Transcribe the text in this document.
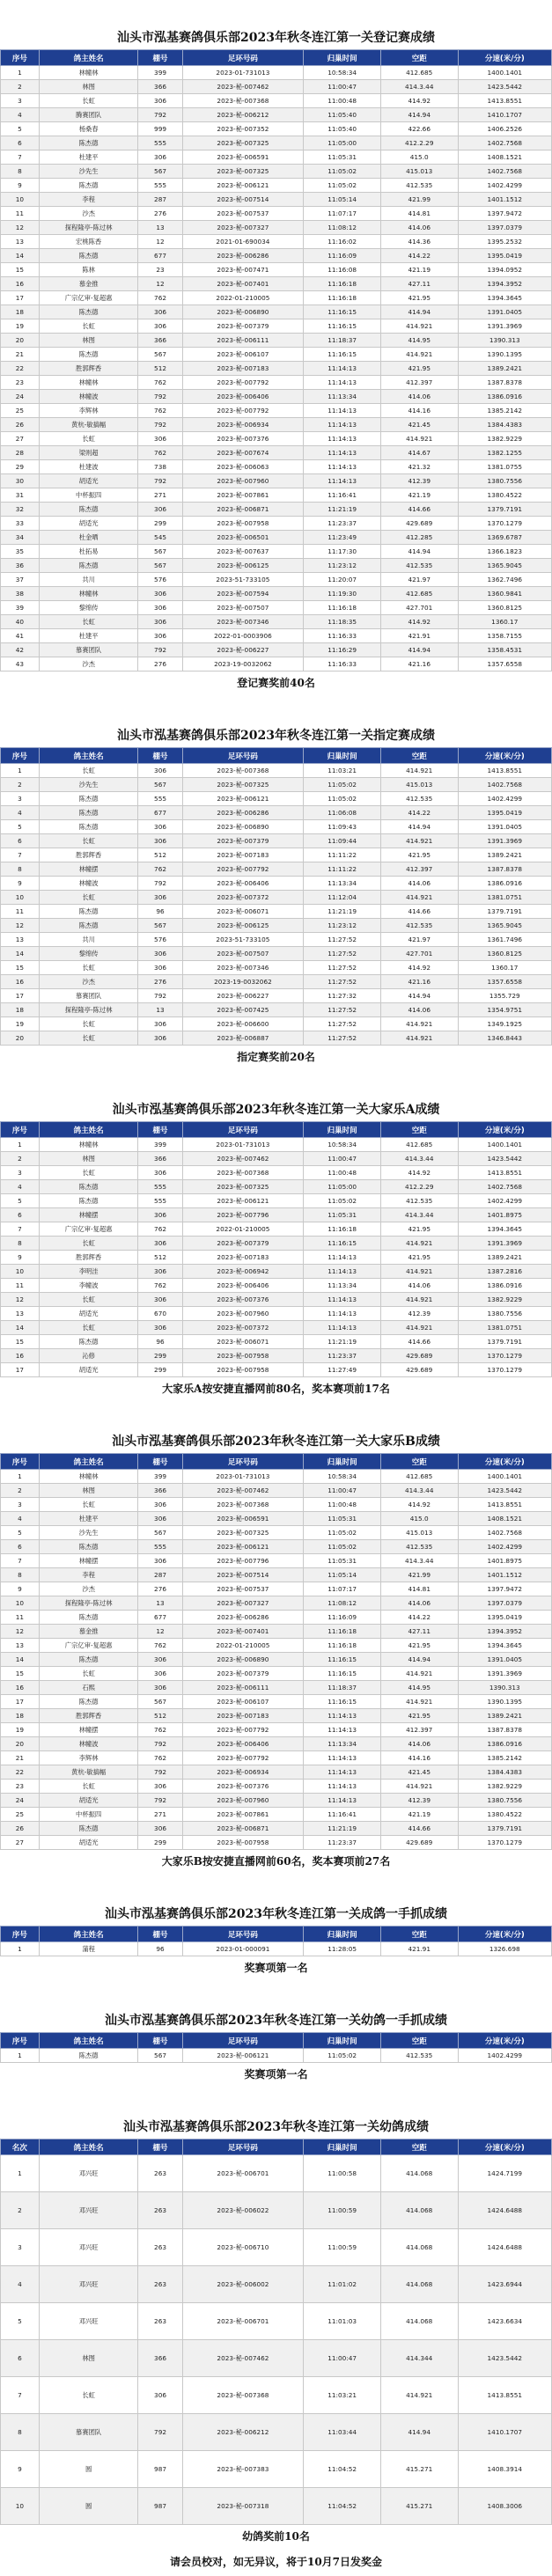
汕头市泓基赛鸽俱乐部2023年秋冬连江第一关登记赛成绩
序号	鸽主姓名	棚号	足环号码	归巢时间	空距	分速(米/分)
1	林幢林	399	2023-01-731013	10:58:34	412.685	1400.1401
2	林图	366	2023-秘-007462	11:00:47	414.3.44	1423.5442
3	长虹	306	2023-秘-007368	11:00:48	414.92	1413.8551
4	腾赛团队	792	2023-秘-006212	11:05:40	414.94	1410.1707
5	杨桑春	999	2023-秘-007352	11:05:40	422.66	1406.2526
6	陈杰德	555	2023-秘-007325	11:05:00	412.2.29	1402.7568
7	杜建平	306	2023-秘-006591	11:05:31	415.0	1408.1521
8	沙先生	567	2023-秘-007325	11:05:02	415.013	1402.7568
9	陈杰德	555	2023-秘-006121	11:05:02	412.535	1402.4299
10	李程	287	2023-秘-007514	11:05:14	421.99	1401.1512
11	沙杰	276	2023-秘-007537	11:07:17	414.81	1397.9472
12	探程隆亭-陈过林	13	2023-秘-007327	11:08:12	414.06	1397.0379
13	宏桃陈香	12	2021-01-690034	11:16:02	414.36	1395.2532
14	陈杰德	677	2023-秘-006286	11:16:09	414.22	1395.0419
15	陈林	23	2023-秘-007471	11:16:08	421.19	1394.0952
16	慕金推	12	2023-秘-007401	11:16:18	427.11	1394.3952
17	广宗亿审-复超惠	762	2022-01-210005	11:16:18	421.95	1394.3645
18	陈杰德	306	2023-秘-006890	11:16:15	414.94	1391.0405
19	长虹	306	2023-秘-007379	11:16:15	414.921	1391.3969
20	林图	366	2023-秘-006111	11:18:37	414.95	1390.313
21	陈杰德	567	2023-秘-006107	11:16:15	414.921	1390.1395
22	胜郭辉香	512	2023-秘-007183	11:14:13	421.95	1389.2421
23	林幢林	762	2023-秘-007792	11:14:13	412.397	1387.8378
24	林幢波	792	2023-秘-006406	11:13:34	414.06	1386.0916
25	李辉林	762	2023-秘-007792	11:14:13	414.16	1385.2142
26	黄杭-敏搞幅	792	2023-秘-006934	11:14:13	421.45	1384.4383
27	长虹	306	2023-秘-007376	11:14:13	414.921	1382.9229
28	梁则超	762	2023-秘-007674	11:14:13	414.67	1382.1255
29	杜建波	738	2023-秘-006063	11:14:13	421.32	1381.0755
30	胡适光	792	2023-秘-007960	11:14:13	412.39	1380.7556
31	中杯振四	271	2023-秘-007861	11:16:41	421.19	1380.4522
32	陈杰德	306	2023-秘-006871	11:21:19	414.66	1379.7191
33	胡适光	299	2023-秘-007958	11:23:37	429.689	1370.1279
34	杜金晒	545	2023-秘-006501	11:23:49	412.285	1369.6787
35	杜拓易	567	2023-秘-007637	11:17:30	414.94	1366.1823
36	陈杰德	567	2023-秘-006125	11:23:12	412.535	1365.9045
37	共川	576	2023-51-733105	11:20:07	421.97	1362.7496
38	林幢林	306	2023-秘-007594	11:19:30	412.685	1360.9841
39	黎绵传	306	2023-秘-007507	11:16:18	427.701	1360.8125
40	长虹	306	2023-秘-007346	11:18:35	414.92	1360.17
41	杜建平	306	2022-01-0003906	11:16:33	421.91	1358.7155
42	慕赛团队	792	2023-秘-006227	11:16:29	414.94	1358.4531
43	沙杰	276	2023-19-0032062	11:16:33	421.16	1357.6558
登记赛奖前40名
汕头市泓基赛鸽俱乐部2023年秋冬连江第一关指定赛成绩
序号	鸽主姓名	棚号	足环号码	归巢时间	空距	分速(米/分)
1	长虹	306	2023-秘-007368	11:03:21	414.921	1413.8551
2	沙先生	567	2023-秘-007325	11:05:02	415.013	1402.7568
3	陈杰德	555	2023-秘-006121	11:05:02	412.535	1402.4299
4	陈杰德	677	2023-秘-006286	11:06:08	414.22	1395.0419
5	陈杰德	306	2023-秘-006890	11:09:43	414.94	1391.0405
6	长虹	306	2023-秘-007379	11:09:44	414.921	1391.3969
7	胜郭辉香	512	2023-秘-007183	11:11:22	421.95	1389.2421
8	林幢摆	762	2023-秘-007792	11:11:22	412.397	1387.8378
9	林幢波	792	2023-秘-006406	11:13:34	414.06	1386.0916
10	长虹	306	2023-秘-007372	11:12:04	414.921	1381.0751
11	陈杰德	96	2023-秘-006071	11:21:19	414.66	1379.7191
12	陈杰德	567	2023-秘-006125	11:23:12	412.535	1365.9045
13	共川	576	2023-51-733105	11:27:52	421.97	1361.7496
14	黎绵传	306	2023-秘-007507	11:27:52	427.701	1360.8125
15	长虹	306	2023-秘-007346	11:27:52	414.92	1360.17
16	沙杰	276	2023-19-0032062	11:27:52	421.16	1357.6558
17	慕赛团队	792	2023-秘-006227	11:27:32	414.94	1355.729
18	探程隆亭-陈过林	13	2023-秘-007425	11:27:52	414.06	1354.9751
19	长虹	306	2023-秘-006600	11:27:52	414.921	1349.1925
20	长虹	306	2023-秘-006887	11:27:52	414.921	1346.8443
指定赛奖前20名
汕头市泓基赛鸽俱乐部2023年秋冬连江第一关大家乐A成绩
序号	鸽主姓名	棚号	足环号码	归巢时间	空距	分速(米/分)
1	林幢林	399	2023-01-731013	10:58:34	412.685	1400.1401
2	林图	366	2023-秘-007462	11:00:47	414.3.44	1423.5442
3	长虹	306	2023-秘-007368	11:00:48	414.92	1413.8551
4	陈杰德	555	2023-秘-007325	11:05:00	412.2.29	1402.7568
5	陈杰德	555	2023-秘-006121	11:05:02	412.535	1402.4299
6	林幢摆	306	2023-秘-007796	11:05:31	414.3.44	1401.8975
7	广宗亿审-复超惠	762	2022-01-210005	11:16:18	421.95	1394.3645
8	长虹	306	2023-秘-007379	11:16:15	414.921	1391.3969
9	胜郭辉香	512	2023-秘-007183	11:14:13	421.95	1389.2421
10	李明洼	306	2023-秘-006942	11:14:13	414.921	1387.2816
11	李幢波	762	2023-秘-006406	11:13:34	414.06	1386.0916
12	长虹	306	2023-秘-007376	11:14:13	414.921	1382.9229
13	胡适光	670	2023-秘-007960	11:14:13	412.39	1380.7556
14	长虹	306	2023-秘-007372	11:14:13	414.921	1381.0751
15	陈杰德	96	2023-秘-006071	11:21:19	414.66	1379.7191
16	沁修	299	2023-秘-007958	11:23:37	429.689	1370.1279
17	胡适光	299	2023-秘-007958	11:27:49	429.689	1370.1279
大家乐A按安捷直播网前80名，奖本赛项前17名
汕头市泓基赛鸽俱乐部2023年秋冬连江第一关大家乐B成绩
序号	鸽主姓名	棚号	足环号码	归巢时间	空距	分速(米/分)
1	林幢林	399	2023-01-731013	10:58:34	412.685	1400.1401
2	林图	366	2023-秘-007462	11:00:47	414.3.44	1423.5442
3	长虹	306	2023-秘-007368	11:00:48	414.92	1413.8551
4	杜建平	306	2023-秘-006591	11:05:31	415.0	1408.1521
5	沙先生	567	2023-秘-007325	11:05:02	415.013	1402.7568
6	陈杰德	555	2023-秘-006121	11:05:02	412.535	1402.4299
7	林幢摆	306	2023-秘-007796	11:05:31	414.3.44	1401.8975
8	李程	287	2023-秘-007514	11:05:14	421.99	1401.1512
9	沙杰	276	2023-秘-007537	11:07:17	414.81	1397.9472
10	探程隆亭-陈过林	13	2023-秘-007327	11:08:12	414.06	1397.0379
11	陈杰德	677	2023-秘-006286	11:16:09	414.22	1395.0419
12	慕金推	12	2023-秘-007401	11:16:18	427.11	1394.3952
13	广宗亿审-复超惠	762	2022-01-210005	11:16:18	421.95	1394.3645
14	陈杰德	306	2023-秘-006890	11:16:15	414.94	1391.0405
15	长虹	306	2023-秘-007379	11:16:15	414.921	1391.3969
16	石熙	306	2023-秘-006111	11:18:37	414.95	1390.313
17	陈杰德	567	2023-秘-006107	11:16:15	414.921	1390.1395
18	胜郭辉香	512	2023-秘-007183	11:14:13	421.95	1389.2421
19	林幢摆	762	2023-秘-007792	11:14:13	412.397	1387.8378
20	林幢波	792	2023-秘-006406	11:13:34	414.06	1386.0916
21	李辉林	762	2023-秘-007792	11:14:13	414.16	1385.2142
22	黄杭-敏搞幅	792	2023-秘-006934	11:14:13	421.45	1384.4383
23	长虹	306	2023-秘-007376	11:14:13	414.921	1382.9229
24	胡适光	792	2023-秘-007960	11:14:13	412.39	1380.7556
25	中杯振四	271	2023-秘-007861	11:16:41	421.19	1380.4522
26	陈杰德	306	2023-秘-006871	11:21:19	414.66	1379.7191
27	胡适光	299	2023-秘-007958	11:23:37	429.689	1370.1279
大家乐B按安捷直播网前60名，奖本赛项前27名
汕头市泓基赛鸽俱乐部2023年秋冬连江第一关成鸽一手抓成绩
序号	鸽主姓名	棚号	足环号码	归巢时间	空距	分速(米/分)
1	蒲程	96	2023-01-000091	11:28:05	421.91	1326.698
奖赛项第一名
汕头市泓基赛鸽俱乐部2023年秋冬连江第一关幼鸽一手抓成绩
序号	鸽主姓名	棚号	足环号码	归巢时间	空距	分速(米/分)
1	陈杰德	567	2023-秘-006121	11:05:02	412.535	1402.4299
奖赛项第一名
汕头市泓基赛鸽俱乐部2023年秋冬连江第一关幼鸽成绩
名次	鸽主姓名	棚号	足环号码	归巢时间	空距	分速(米/分)
1	邓兴旺	263	2023-秘-006701	11:00:58	414.068	1424.7199
2	邓兴旺	263	2023-秘-006022	11:00:59	414.068	1424.6488
3	邓兴旺	263	2023-秘-006710	11:00:59	414.068	1424.6488
4	邓兴旺	263	2023-秘-006002	11:01:02	414.068	1423.6944
5	邓兴旺	263	2023-秘-006701	11:01:03	414.068	1423.6634
6	林图	366	2023-秘-007462	11:00:47	414.344	1423.5442
7	长虹	306	2023-秘-007368	11:03:21	414.921	1413.8551
8	慕赛团队	792	2023-秘-006212	11:03:44	414.94	1410.1707
9	圆	987	2023-秘-007383	11:04:52	415.271	1408.3914
10	圆	987	2023-秘-007318	11:04:52	415.271	1408.3006
幼鸽奖前10名
请会员校对，如无异议，将于10月7日发奖金
